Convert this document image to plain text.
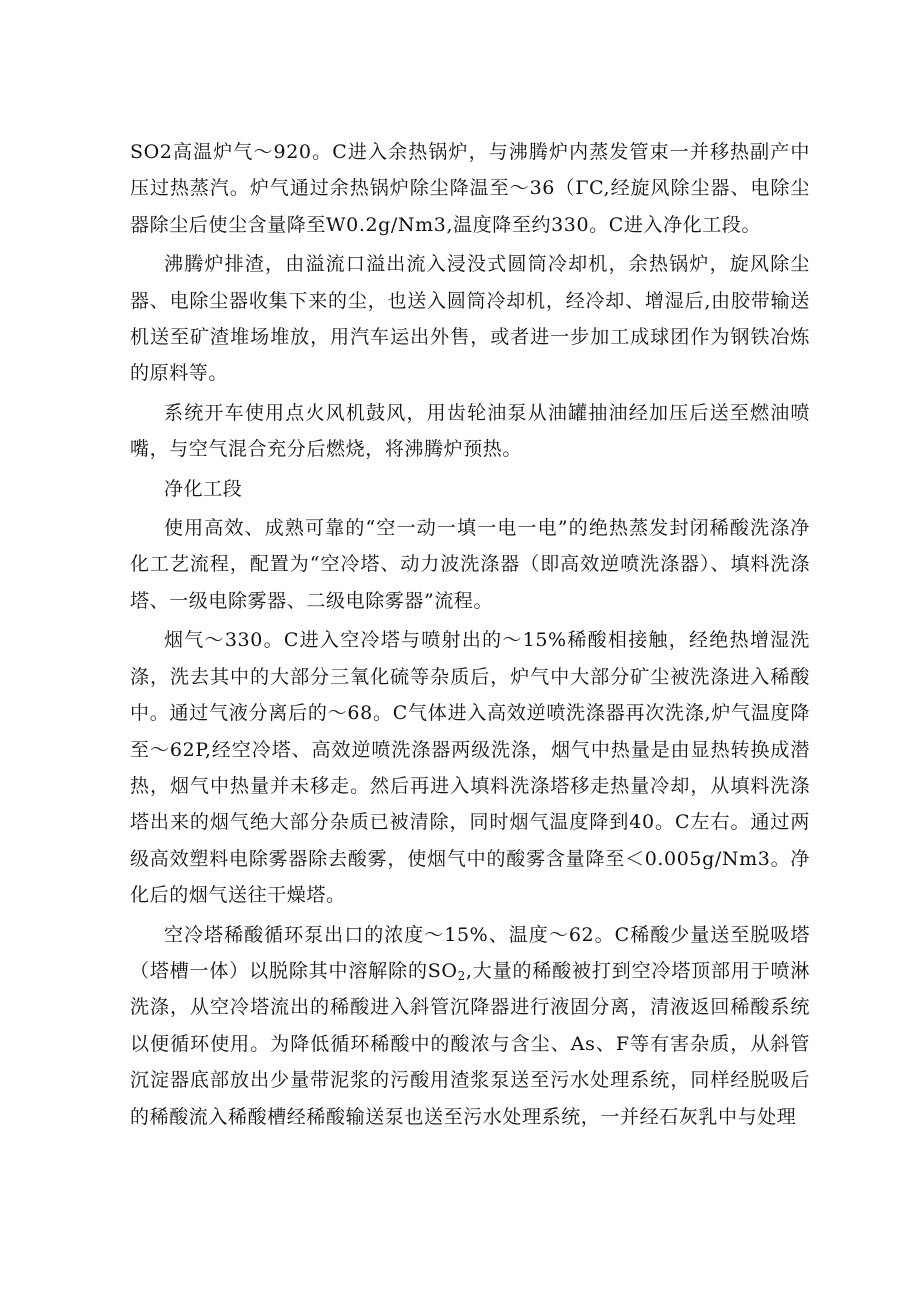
SO2高温炉气～920。C进入余热锅炉，与沸腾炉内蒸发管束一并移热副产中压过热蒸汽。炉气通过余热锅炉除尘降温至～36（ΓC,经旋风除尘器、电除尘器除尘后使尘含量降至W0.2g/Nm3,温度降至约330。C进入净化工段。

沸腾炉排渣，由溢流口溢出流入浸没式圆筒冷却机，余热锅炉，旋风除尘器、电除尘器收集下来的尘，也送入圆筒冷却机，经冷却、增湿后,由胶带输送机送至矿渣堆场堆放，用汽车运出外售，或者进一步加工成球团作为钢铁冶炼的原料等。

系统开车使用点火风机鼓风，用齿轮油泵从油罐抽油经加压后送至燃油喷嘴，与空气混合充分后燃烧，将沸腾炉预热。

净化工段

使用高效、成熟可靠的“空一动一填一电一电”的绝热蒸发封闭稀酸洗涤净化工艺流程，配置为“空冷塔、动力波洗涤器（即高效逆喷洗涤器）、填料洗涤塔、一级电除雾器、二级电除雾器”流程。

烟气～330。C进入空冷塔与喷射出的～15%稀酸相接触，经绝热增湿洗涤，洗去其中的大部分三氧化硫等杂质后，炉气中大部分矿尘被洗涤进入稀酸中。通过气液分离后的～68。C气体进入高效逆喷洗涤器再次洗涤,炉气温度降至～62P,经空冷塔、高效逆喷洗涤器两级洗涤，烟气中热量是由显热转换成潜热，烟气中热量并未移走。然后再进入填料洗涤塔移走热量冷却，从填料洗涤塔出来的烟气绝大部分杂质已被清除，同时烟气温度降到40。C左右。通过两级高效塑料电除雾器除去酸雾，使烟气中的酸雾含量降至＜0.005g/Nm3。净化后的烟气送往干燥塔。

空冷塔稀酸循环泵出口的浓度～15%、温度～62。C稀酸少量送至脱吸塔（塔槽一体）以脱除其中溶解除的$SO_2$,大量的稀酸被打到空冷塔顶部用于喷淋洗涤，从空冷塔流出的稀酸进入斜管沉降器进行液固分离，清液返回稀酸系统以便循环使用。为降低循环稀酸中的酸浓与含尘、As、F等有害杂质，从斜管沉淀器底部放出少量带泥浆的污酸用渣浆泵送至污水处理系统，同样经脱吸后的稀酸流入稀酸槽经稀酸输送泵也送至污水处理系统，一并经石灰乳中与处理
